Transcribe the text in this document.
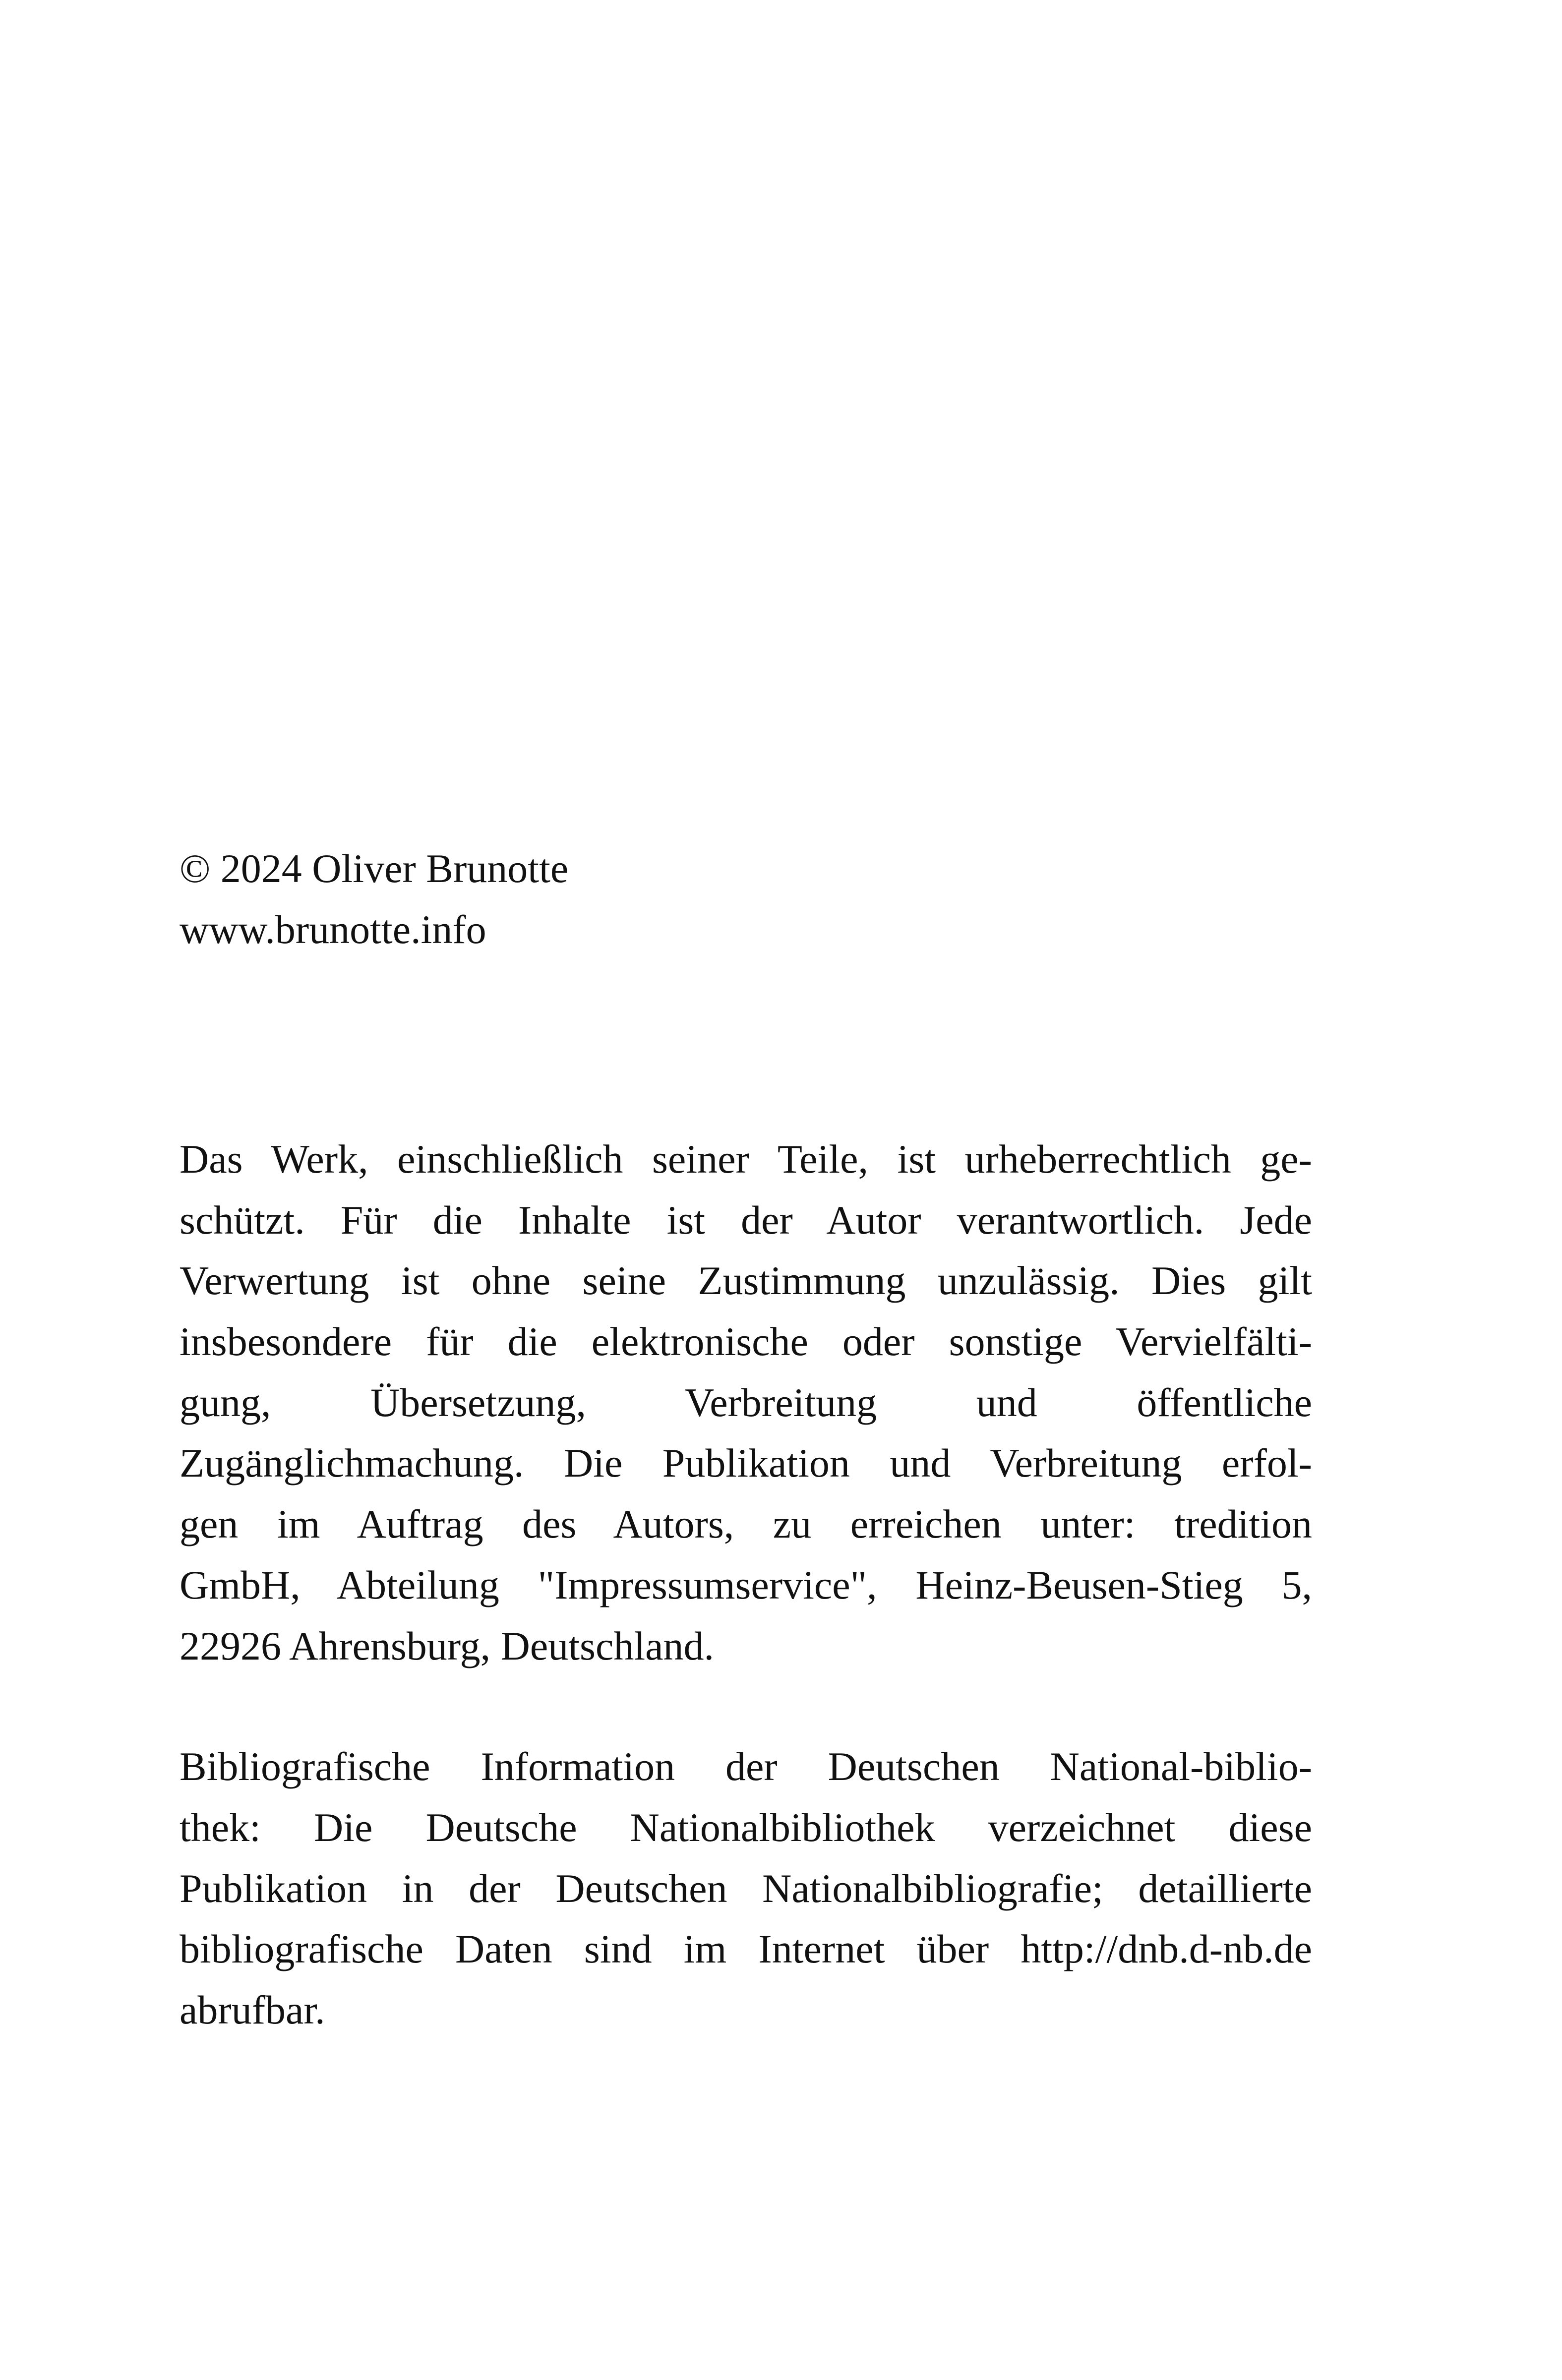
© 2024 Oliver Brunotte
www.brunotte.info

Das Werk, einschließlich seiner Teile, ist urheberrechtlich ge-
schützt. Für die Inhalte ist der Autor verantwortlich. Jede
Verwertung ist ohne seine Zustimmung unzulässig. Dies gilt
insbesondere für die elektronische oder sonstige Vervielfälti-
gung, Übersetzung, Verbreitung und öffentliche
Zugänglichmachung. Die Publikation und Verbreitung erfol-
gen im Auftrag des Autors, zu erreichen unter: tredition
GmbH, Abteilung "Impressumservice", Heinz-Beusen-Stieg 5,
22926 Ahrensburg, Deutschland.

Bibliografische Information der Deutschen National-biblio-
thek: Die Deutsche Nationalbibliothek verzeichnet diese
Publikation in der Deutschen Nationalbibliografie; detaillierte
bibliografische Daten sind im Internet über http://dnb.d-nb.de
abrufbar.
